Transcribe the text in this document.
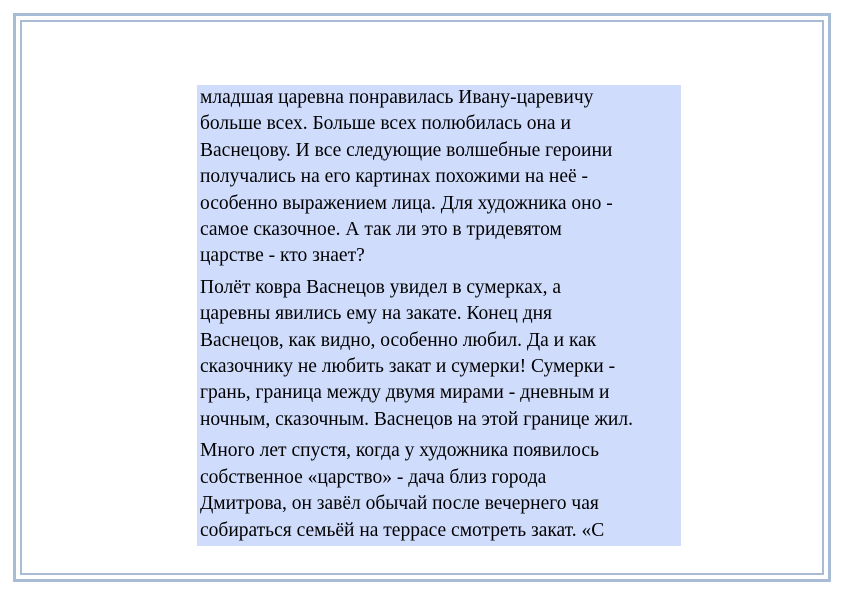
младшая царевна понравилась Ивану-царевичу
больше всех. Больше всех полюбилась она и
Васнецову. И все следующие волшебные героини
получались на его картинах похожими на неё -
особенно выражением лица. Для художника оно -
самое сказочное. А так ли это в тридевятом
царстве - кто знает?

Полёт ковра Васнецов увидел в сумерках, а
царевны явились ему на закате. Конец дня
Васнецов, как видно, особенно любил. Да и как
сказочнику не любить закат и сумерки! Сумерки -
грань, граница между двумя мирами - дневным и
ночным, сказочным. Васнецов на этой границе жил.

Много лет спустя, когда у художника появилось
собственное «царство» - дача близ города
Дмитрова, он завёл обычай после вечернего чая
собираться семьёй на террасе смотреть закат. «С
